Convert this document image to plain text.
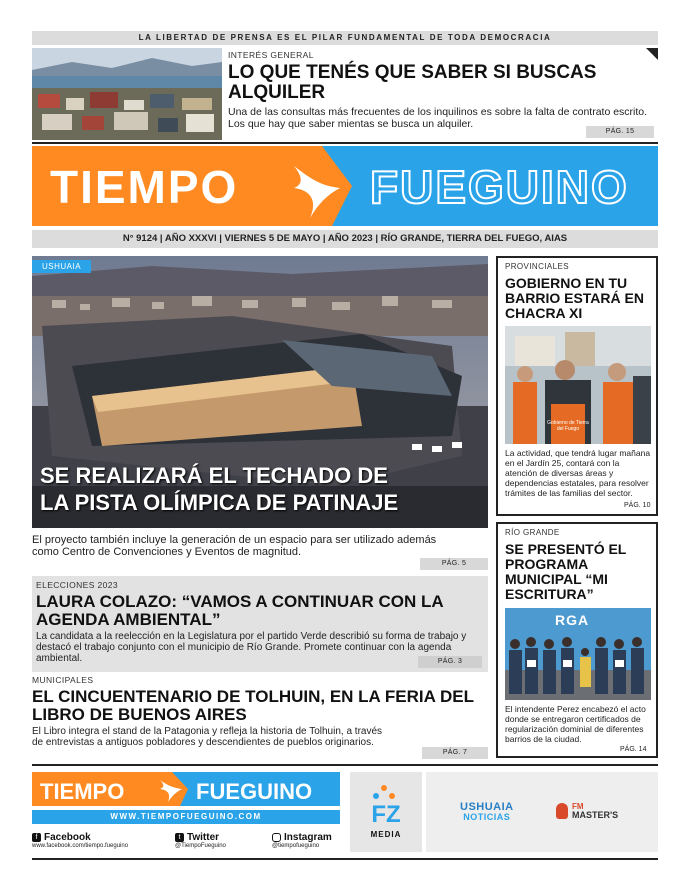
LA LIBERTAD DE PRENSA ES EL PILAR FUNDAMENTAL DE TODA DEMOCRACIA
INTERÉS GENERAL
LO QUE TENÉS QUE SABER SI BUSCAS ALQUILER
Una de las consultas más frecuentes de los inquilinos es sobre la falta de contrato escrito. Los que hay que saber mientas se busca un alquiler.
PÁG. 15
TIEMPO	FUEGUINO
N° 9124 | AÑO XXXVI | VIERNES 5 DE MAYO | AÑO 2023 | RÍO GRANDE, TIERRA DEL FUEGO, AIAS
USHUAIA
SE REALIZARÁ EL TECHADO DE
LA PISTA OLÍMPICA DE PATINAJE
El proyecto también incluye la generación de un espacio para ser utilizado además como Centro de Convenciones y Eventos de magnitud.
PÁG. 5
ELECCIONES 2023
LAURA COLAZO: “VAMOS A CONTINUAR CON LA AGENDA AMBIENTAL”
La candidata a la reelección en la Legislatura por el partido Verde describió su forma de trabajo y destacó el trabajo conjunto con el municipio de Río Grande. Promete continuar con la agenda ambiental.	PÁG. 3
MUNICIPALES
EL CINCUENTENARIO DE TOLHUIN, EN LA FERIA DEL LIBRO DE BUENOS AIRES
El Libro integra el stand de la Patagonia y refleja la historia de Tolhuin, a través de entrevistas a antiguos pobladores y descendientes de pueblos originarios.
PÁG. 7
PROVINCIALES
GOBIERNO EN TU BARRIO ESTARÁ EN CHACRA XI
Gobierno de Tierra del Fuego
La actividad, que tendrá lugar mañana en el Jardín 25, contará con la atención de diversas áreas y dependencias estatales, para resolver trámites de las familias del sector.
PÁG. 10
RÍO GRANDE
SE PRESENTÓ EL PROGRAMA MUNICIPAL “MI ESCRITURA”
RGA
El intendente Perez encabezó el acto donde se entregaron certificados de regularización dominial de diferentes barrios de la ciudad.
PÁG. 14
TIEMPO	FUEGUINO
WWW.TIEMPOFUEGUINO.COM
f Facebook
www.facebook.com/tiempo.fueguino
t Twitter
@TiempoFueguino
Instagram
@tiempofueguino
FZ
MEDIA
USHUAIA
NOTICIAS
FM
MASTER'S
